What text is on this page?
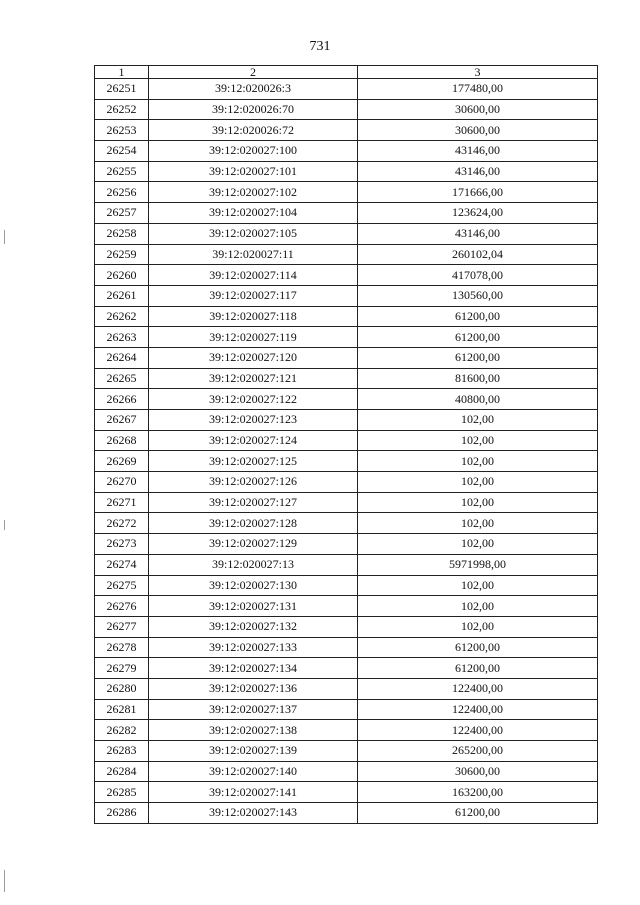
731
1	2	3
26251	39:12:020026:3	177480,00
26252	39:12:020026:70	30600,00
26253	39:12:020026:72	30600,00
26254	39:12:020027:100	43146,00
26255	39:12:020027:101	43146,00
26256	39:12:020027:102	171666,00
26257	39:12:020027:104	123624,00
26258	39:12:020027:105	43146,00
26259	39:12:020027:11	260102,04
26260	39:12:020027:114	417078,00
26261	39:12:020027:117	130560,00
26262	39:12:020027:118	61200,00
26263	39:12:020027:119	61200,00
26264	39:12:020027:120	61200,00
26265	39:12:020027:121	81600,00
26266	39:12:020027:122	40800,00
26267	39:12:020027:123	102,00
26268	39:12:020027:124	102,00
26269	39:12:020027:125	102,00
26270	39:12:020027:126	102,00
26271	39:12:020027:127	102,00
26272	39:12:020027:128	102,00
26273	39:12:020027:129	102,00
26274	39:12:020027:13	5971998,00
26275	39:12:020027:130	102,00
26276	39:12:020027:131	102,00
26277	39:12:020027:132	102,00
26278	39:12:020027:133	61200,00
26279	39:12:020027:134	61200,00
26280	39:12:020027:136	122400,00
26281	39:12:020027:137	122400,00
26282	39:12:020027:138	122400,00
26283	39:12:020027:139	265200,00
26284	39:12:020027:140	30600,00
26285	39:12:020027:141	163200,00
26286	39:12:020027:143	61200,00
